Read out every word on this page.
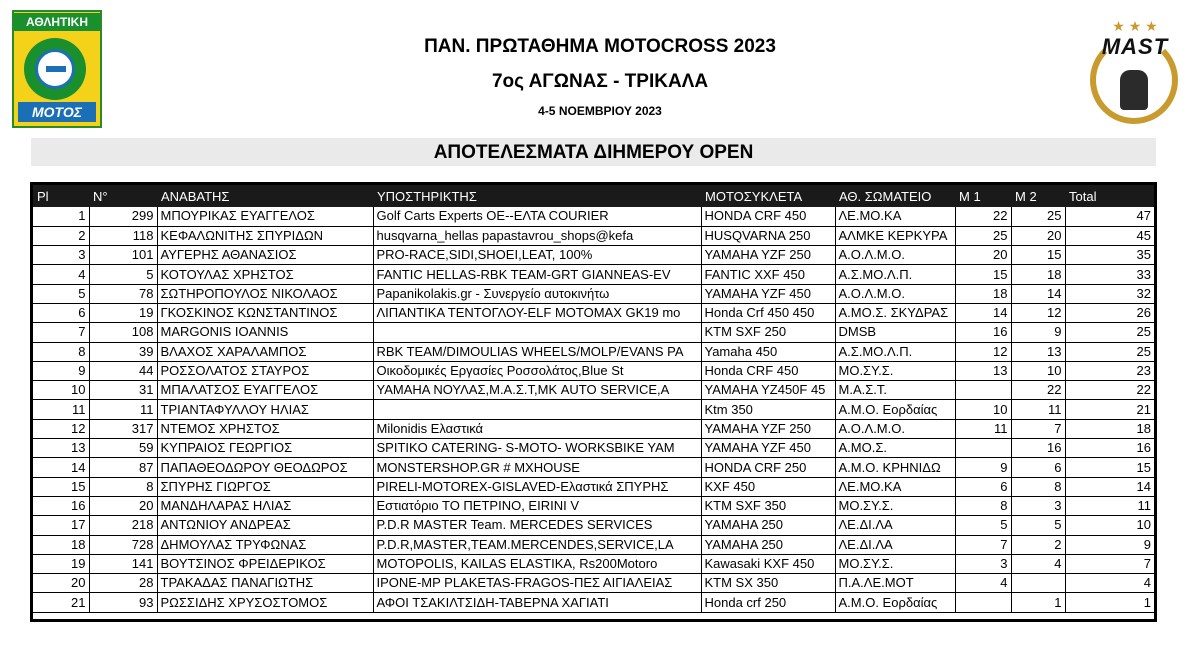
ΑΘΛΗΤΙΚΗ
ΜΟΤΟΣ
★ ★ ★
MAST
ΠΑΝ. ΠΡΩΤΑΘΗΜΑ MOTOCROSS 2023
7ος ΑΓΩΝΑΣ - ΤΡΙΚΑΛΑ
4-5 ΝΟΕΜΒΡΙΟΥ 2023
ΑΠΟΤΕΛΕΣΜΑΤΑ ΔΙΗΜΕΡΟΥ OPEN
Pl	N°	ΑΝΑΒΑΤΗΣ	ΥΠΟΣΤΗΡΙΚΤΗΣ	ΜΟΤΟΣΥΚΛΕΤΑ	ΑΘ. ΣΩΜΑΤΕΙΟ	M 1	M 2	Total
1	299	ΜΠΟΥΡΙΚΑΣ ΕΥΑΓΓΕΛΟΣ	Golf Carts Experts ΟΕ--ΕΛΤΑ COURIER	HONDA CRF 450	ΛΕ.ΜΟ.ΚΑ	22	25	47
2	118	ΚΕΦΑΛΩΝΙΤΗΣ ΣΠΥΡΙΔΩΝ	husqvarna_hellas papastavrou_shops@kefa	HUSQVARNA 250	ΑΛΜΚΕ ΚΕΡΚΥΡΑ	25	20	45
3	101	ΑΥΓΕΡΗΣ ΑΘΑΝΑΣΙΟΣ	PRO-RACE,SIDI,SHOEI,LEAT, 100%	YAMAHA YZF 250	Α.Ο.Λ.Μ.Ο.	20	15	35
4	5	ΚΟΤΟΥΛΑΣ ΧΡΗΣΤΟΣ	FANTIC HELLAS-RBK TEAM-GRT GIANNEAS-EV	FANTIC XXF 450	Α.Σ.ΜΟ.Λ.Π.	15	18	33
5	78	ΣΩΤΗΡΟΠΟΥΛΟΣ ΝΙΚΟΛΑΟΣ	Papanikolakis.gr - Συνεργείο αυτοκινήτω	YAMAHA YZF 450	Α.Ο.Λ.Μ.Ο.	18	14	32
6	19	ΓΚΟΣΚΙΝΟΣ ΚΩΝΣΤΑΝΤΙΝΟΣ	ΛΙΠΑΝΤΙΚΑ ΤΕΝΤΟΓΛΟΥ-ELF MOTOMAX GK19 mo	Honda Crf 450 450	Α.ΜΟ.Σ. ΣΚΥΔΡΑΣ	14	12	26
7	108	MARGONIS IOANNIS		KTM SXF 250	DMSB	16	9	25
8	39	ΒΛΑΧΟΣ ΧΑΡΑΛΑΜΠΟΣ	RBK TEAM/DIMOULIAS WHEELS/MOLP/EVANS PA	Yamaha 450	Α.Σ.ΜΟ.Λ.Π.	12	13	25
9	44	ΡΟΣΣΟΛΑΤΟΣ ΣΤΑΥΡΟΣ	Οικοδομικές Εργασίες Ροσσολάτος,Blue St	Honda CRF 450	ΜΟ.ΣΥ.Σ.	13	10	23
10	31	ΜΠΑΛΑΤΣΟΣ ΕΥΑΓΓΕΛΟΣ	YAMAHA ΝΟΥΛΑΣ,Μ.Α.Σ.Τ,ΜΚ AUTO SERVICE,A	YAMAHA YZ450F 45	Μ.Α.Σ.Τ.		22	22
11	11	ΤΡΙΑΝΤΑΦΥΛΛΟΥ ΗΛΙΑΣ		Ktm 350	Α.Μ.Ο. Εορδαίας	10	11	21
12	317	ΝΤΕΜΟΣ ΧΡΗΣΤΟΣ	Milonidis Ελαστικά	YAMAHA YZF 250	Α.Ο.Λ.Μ.Ο.	11	7	18
13	59	ΚΥΠΡΑΙΟΣ ΓΕΩΡΓΙΟΣ	SPITIKO CATERING- S-MOTO- WORKSBIKE YAM	YAMAHA YZF 450	Α.ΜΟ.Σ.		16	16
14	87	ΠΑΠΑΘΕΟΔΩΡΟΥ ΘΕΟΔΩΡΟΣ	MONSTERSHOP.GR # MXHOUSE	HONDA CRF 250	Α.Μ.Ο. ΚΡΗΝΙΔΩ	9	6	15
15	8	ΣΠΥΡΗΣ ΓΙΩΡΓΟΣ	PIRELI-MOTOREX-GISLAVED-Ελαστικά ΣΠΥΡΗΣ	KXF 450	ΛΕ.ΜΟ.ΚΑ	6	8	14
16	20	ΜΑΝΔΗΛΑΡΑΣ ΗΛΙΑΣ	Εστιατόριο ΤΟ ΠΕΤΡΙΝΟ, EIRINI V	KTM SXF 350	ΜΟ.ΣΥ.Σ.	8	3	11
17	218	ΑΝΤΩΝΙΟΥ ΑΝΔΡΕΑΣ	P.D.R MASTER Team. MERCEDES SERVICES	YAMAHA 250	ΛΕ.ΔΙ.ΛΑ	5	5	10
18	728	ΔΗΜΟΥΛΑΣ ΤΡΥΦΩΝΑΣ	P.D.R,MASTER,TEAM.MERCENDES,SERVICE,LA	YAMAHA 250	ΛΕ.ΔΙ.ΛΑ	7	2	9
19	141	ΒΟΥΤΣΙΝΟΣ ΦΡΕΙΔΕΡΙΚΟΣ	MOTOPOLIS, KAILAS ELASTIKA, Rs200Motoro	Kawasaki KXF 450	ΜΟ.ΣΥ.Σ.	3	4	7
20	28	ΤΡΑΚΑΔΑΣ ΠΑΝΑΓΙΩΤΗΣ	IPONE-MP PLAKETAS-FRAGOS-ΠΕΣ ΑΙΓΙΑΛΕΙΑΣ	KTM SX 350	Π.Α.ΛΕ.ΜΟΤ	4		4
21	93	ΡΩΣΣΙΔΗΣ ΧΡΥΣΟΣΤΟΜΟΣ	ΑΦΟΙ ΤΣΑΚΙΛΤΣΙΔΗ-ΤΑΒΕΡΝΑ ΧΑΓΙΑΤΙ	Honda crf 250	Α.Μ.Ο. Εορδαίας		1	1
